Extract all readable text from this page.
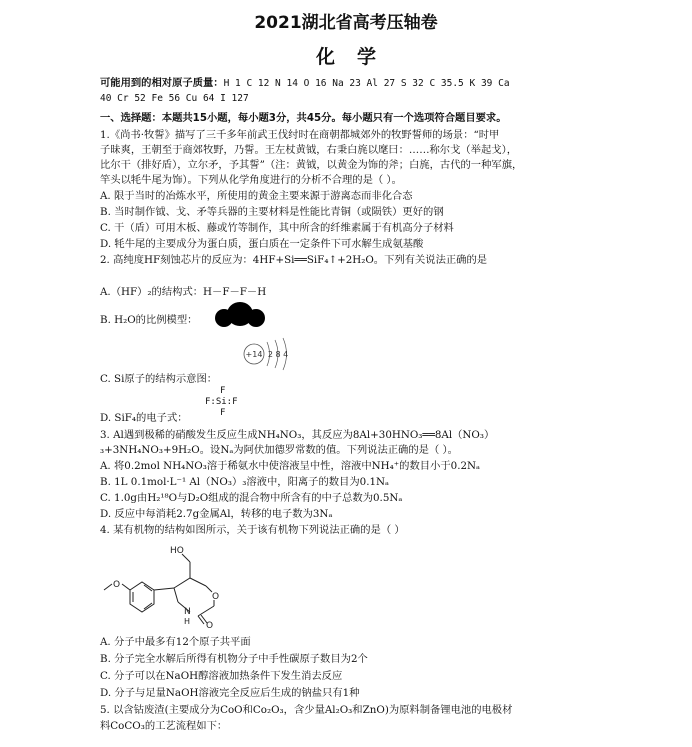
2021湖北省高考压轴卷
化学
可能用到的相对原子质量：H 1 C 12 N 14 O 16 Na 23 Al 27 S 32 C 35.5 K 39 Ca
40 Cr 52 Fe 56 Cu 64 I 127
一、选择题：本题共15小题，每小题3分，共45分。每小题只有一个选项符合题目要求。
1.《尚书·牧誓》描写了三千多年前武王伐纣时在商朝都城郊外的牧野誓师的场景：“时甲
子昧爽，王朝至于商郊牧野，乃誓。王左杖黄钺，右秉白旄以麾曰：……称尔戈（举起戈），
比尔干（排好盾），立尔矛，予其誓”（注：黄钺，以黄金为饰的斧；白旄，古代的一种军旗，
竿头以牦牛尾为饰）。下列从化学角度进行的分析不合理的是（ ）。
A. 限于当时的冶炼水平，所使用的黄金主要来源于游离态而非化合态
B. 当时制作钺、戈、矛等兵器的主要材料是性能比青铜（或陨铁）更好的钢
C. 干（盾）可用木板、藤或竹等制作，其中所含的纤维素属于有机高分子材料
D. 牦牛尾的主要成分为蛋白质，蛋白质在一定条件下可水解生成氨基酸
2. 高纯度HF刻蚀芯片的反应为：4HF+Si══SiF₄↑+2H₂O。下列有关说法正确的是
A.（HF）₂的结构式：H－F－F－H
B. H₂O的比例模型：
+14 2 8 4
C. Si原子的结构示意图：
F
F:Si:F
F
D. SiF₄的电子式：
3. Al遇到极稀的硝酸发生反应生成NH₄NO₃，其反应为8Al+30HNO₃══8Al（NO₃）
₃+3NH₄NO₃+9H₂O。设Nₐ为阿伏加德罗常数的值。下列说法正确的是（ ）。
A. 将0.2mol NH₄NO₃溶于稀氨水中使溶液呈中性，溶液中NH₄⁺的数目小于0.2Nₐ
B. 1L 0.1mol·L⁻¹ Al（NO₃）₃溶液中，阳离子的数目为0.1Nₐ
C. 1.0g由H₂¹⁸O与D₂O组成的混合物中所含有的中子总数为0.5Nₐ
D. 反应中每消耗2.7g金属Al，转移的电子数为3Nₐ
4. 某有机物的结构如图所示，关于该有机物下列说法正确的是（ ）
HO
O
N
H O
O
A. 分子中最多有12个原子共平面
B. 分子完全水解后所得有机物分子中手性碳原子数目为2个
C. 分子可以在NaOH醇溶液加热条件下发生消去反应
D. 分子与足量NaOH溶液完全反应后生成的钠盐只有1种
5. 以含钴废渣(主要成分为CoO和Co₂O₃，含少量Al₂O₃和ZnO)为原料制备锂电池的电极材
料CoCO₃的工艺流程如下：
